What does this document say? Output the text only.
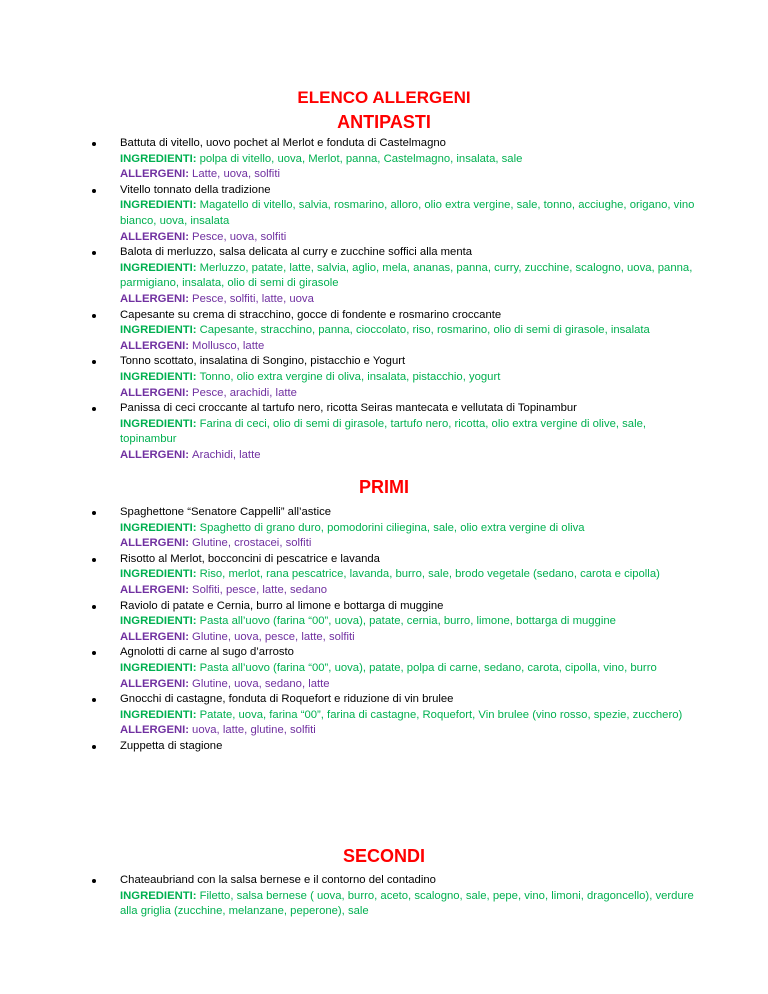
ELENCO ALLERGENI
ANTIPASTI
Battuta di vitello, uovo pochet al Merlot e fonduta di Castelmagno
INGREDIENTI: polpa di vitello, uova, Merlot, panna, Castelmagno, insalata, sale
ALLERGENI: Latte, uova, solfiti
Vitello tonnato della tradizione
INGREDIENTI: Magatello di vitello, salvia, rosmarino, alloro, olio extra vergine, sale, tonno, acciughe, origano, vino bianco, uova, insalata
ALLERGENI: Pesce, uova, solfiti
Balota di merluzzo, salsa delicata al curry e zucchine soffici alla menta
INGREDIENTI: Merluzzo, patate, latte, salvia, aglio, mela, ananas, panna, curry, zucchine, scalogno, uova, panna, parmigiano, insalata, olio di semi di girasole
ALLERGENI: Pesce, solfiti, latte, uova
Capesante su crema di stracchino, gocce di fondente e rosmarino croccante
INGREDIENTI: Capesante, stracchino, panna, cioccolato, riso, rosmarino, olio di semi di girasole, insalata
ALLERGENI: Mollusco, latte
Tonno scottato, insalatina di Songino, pistacchio e Yogurt
INGREDIENTI: Tonno, olio extra vergine di oliva, insalata, pistacchio, yogurt
ALLERGENI: Pesce, arachidi, latte
Panissa di ceci croccante al tartufo nero, ricotta Seiras mantecata e vellutata di Topinambur
INGREDIENTI: Farina di ceci, olio di semi di girasole, tartufo nero, ricotta, olio extra vergine di olive, sale, topinambur
ALLERGENI: Arachidi, latte
PRIMI
Spaghettone “Senatore Cappelli” all’astice
INGREDIENTI: Spaghetto di grano duro, pomodorini ciliegina, sale, olio extra vergine di oliva
ALLERGENI: Glutine, crostacei, solfiti
Risotto al Merlot, bocconcini di pescatrice e lavanda
INGREDIENTI: Riso, merlot, rana pescatrice, lavanda, burro, sale, brodo vegetale (sedano, carota e cipolla)
ALLERGENI: Solfiti, pesce, latte, sedano
Raviolo di patate e Cernia, burro al limone e bottarga di muggine
INGREDIENTI: Pasta all’uovo (farina “00”, uova), patate, cernia, burro, limone, bottarga di muggine
ALLERGENI: Glutine, uova, pesce, latte, solfiti
Agnolotti di carne al sugo d’arrosto
INGREDIENTI: Pasta all’uovo (farina “00”, uova), patate, polpa di carne, sedano, carota, cipolla, vino, burro
ALLERGENI: Glutine, uova, sedano, latte
Gnocchi di castagne, fonduta di Roquefort e riduzione di vin brulee
INGREDIENTI: Patate, uova, farina “00”, farina di castagne, Roquefort, Vin brulee (vino rosso, spezie, zucchero)
ALLERGENI: uova, latte, glutine, solfiti
Zuppetta di stagione
SECONDI
Chateaubriand con la salsa bernese e il contorno del contadino
INGREDIENTI: Filetto, salsa bernese ( uova, burro, aceto, scalogno, sale, pepe, vino, limoni, dragoncello), verdure alla griglia (zucchine, melanzane, peperone), sale
